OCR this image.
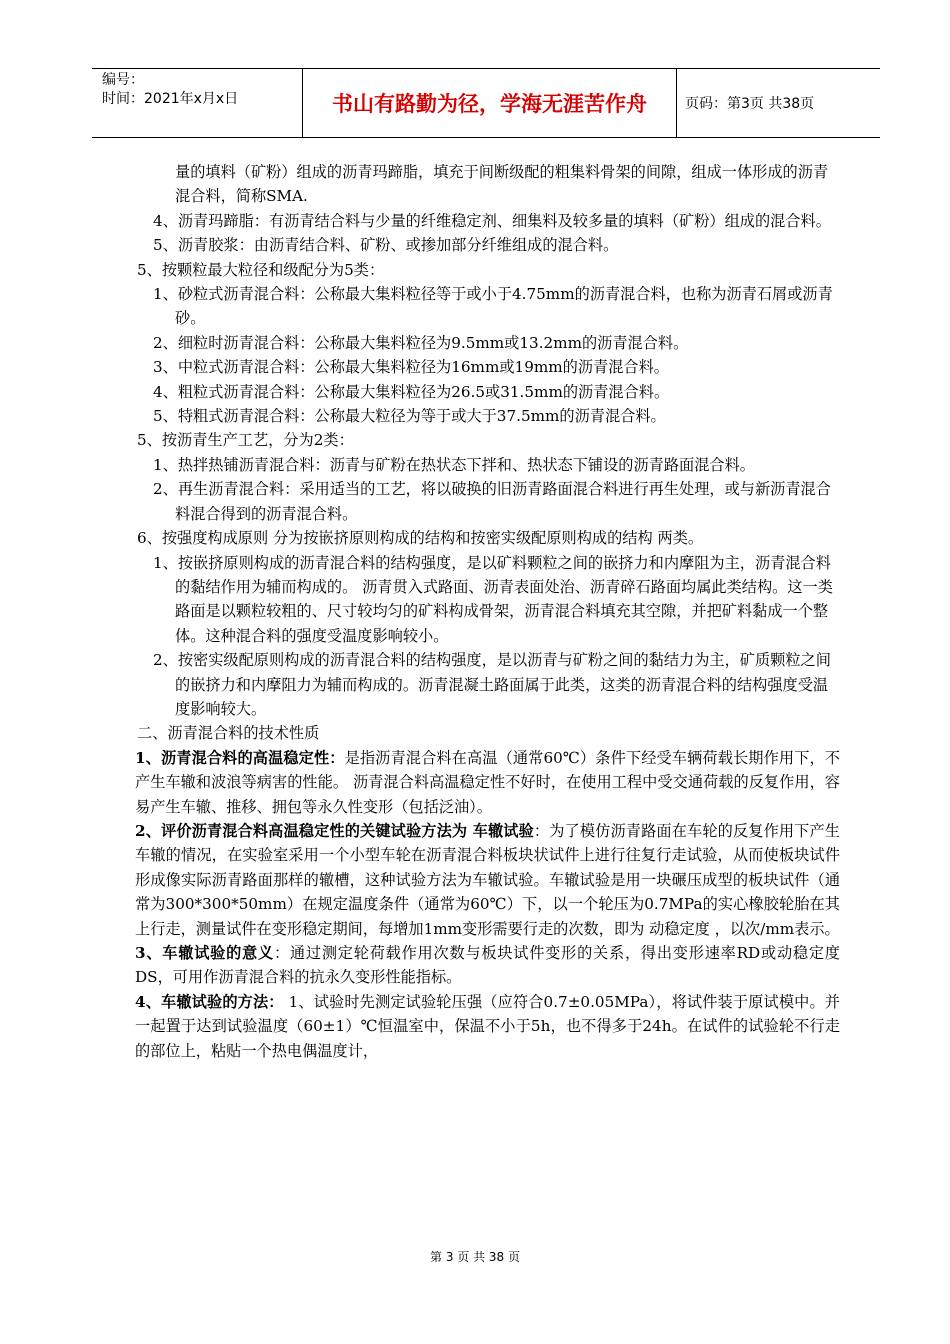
编号：
时间：2021年x月x日	书山有路勤为径，学海无涯苦作舟	页码：第3页 共38页

量的填料（矿粉）组成的沥青玛蹄脂，填充于间断级配的粗集料骨架的间隙，组成一体形成的沥青混合料，简称SMA.

4、沥青玛蹄脂：有沥青结合料与少量的纤维稳定剂、细集料及较多量的填料（矿粉）组成的混合料。

5、沥青胶浆：由沥青结合料、矿粉、或掺加部分纤维组成的混合料。

5、按颗粒最大粒径和级配分为5类：

1、砂粒式沥青混合料：公称最大集料粒径等于或小于4.75mm的沥青混合料，也称为沥青石屑或沥青砂。

2、细粒时沥青混合料：公称最大集料粒径为9.5mm或13.2mm的沥青混合料。

3、中粒式沥青混合料：公称最大集料粒径为16mm或19mm的沥青混合料。

4、粗粒式沥青混合料：公称最大集料粒径为26.5或31.5mm的沥青混合料。

5、特粗式沥青混合料：公称最大粒径为等于或大于37.5mm的沥青混合料。

5、按沥青生产工艺，分为2类：

1、热拌热铺沥青混合料：沥青与矿粉在热状态下拌和、热状态下铺设的沥青路面混合料。

2、再生沥青混合料：采用适当的工艺，将以破换的旧沥青路面混合料进行再生处理，或与新沥青混合料混合得到的沥青混合料。

6、按强度构成原则 分为按嵌挤原则构成的结构和按密实级配原则构成的结构 两类。

1、按嵌挤原则构成的沥青混合料的结构强度，是以矿料颗粒之间的嵌挤力和内摩阻为主，沥青混合料的黏结作用为辅而构成的。 沥青贯入式路面、沥青表面处治、沥青碎石路面均属此类结构。这一类路面是以颗粒较粗的、尺寸较均匀的矿料构成骨架，沥青混合料填充其空隙，并把矿料黏成一个整体。这种混合料的强度受温度影响较小。

2、按密实级配原则构成的沥青混合料的结构强度，是以沥青与矿粉之间的黏结力为主，矿质颗粒之间的嵌挤力和内摩阻力为辅而构成的。沥青混凝土路面属于此类，这类的沥青混合料的结构强度受温度影响较大。

二、沥青混合料的技术性质

1、沥青混合料的高温稳定性：是指沥青混合料在高温（通常60℃）条件下经受车辆荷载长期作用下，不产生车辙和波浪等病害的性能。 沥青混合料高温稳定性不好时，在使用工程中受交通荷载的反复作用，容易产生车辙、推移、拥包等永久性变形（包括泛油）。

2、评价沥青混合料高温稳定性的关键试验方法为 车辙试验：为了模仿沥青路面在车轮的反复作用下产生车辙的情况，在实验室采用一个小型车轮在沥青混合料板块状试件上进行往复行走试验，从而使板块试件形成像实际沥青路面那样的辙槽，这种试验方法为车辙试验。车辙试验是用一块碾压成型的板块试件（通常为300*300*50mm）在规定温度条件（通常为60℃）下，以一个轮压为0.7MPa的实心橡胶轮胎在其上行走，测量试件在变形稳定期间，每增加1mm变形需要行走的次数，即为 动稳定度 ，以次/mm表示。

3、车辙试验的意义：通过测定轮荷载作用次数与板块试件变形的关系，得出变形速率RD或动稳定度DS，可用作沥青混合料的抗永久变形性能指标。

4、车辙试验的方法： 1、试验时先测定试验轮压强（应符合0.7±0.05MPa），将试件装于原试模中。并一起置于达到试验温度（60±1）℃恒温室中，保温不小于5h，也不得多于24h。在试件的试验轮不行走的部位上，粘贴一个热电偶温度计，

第 3 页 共 38 页
